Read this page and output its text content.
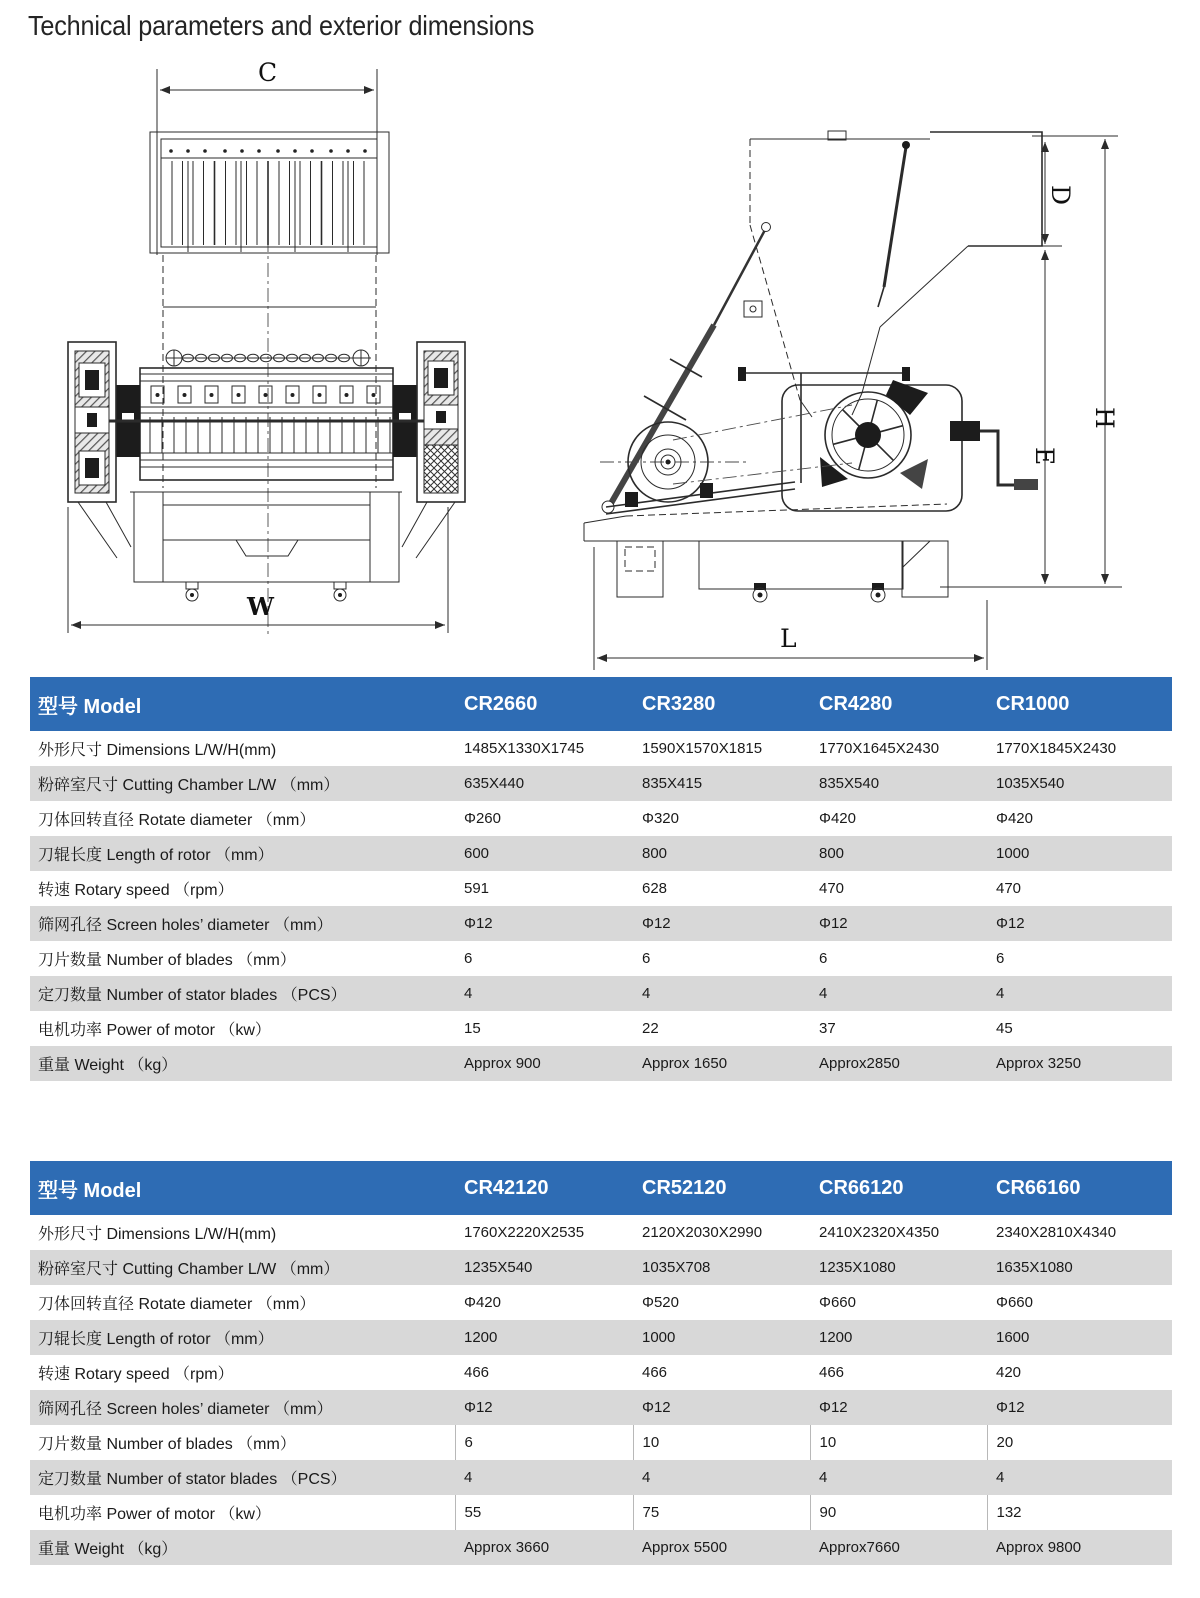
Technical parameters and exterior dimensions
C
W
L
D
E
H
型号 Model	CR2660	CR3280	CR4280	CR1000
外形尺寸 Dimensions L/W/H(mm)	1485X1330X1745	1590X1570X1815	1770X1645X2430	1770X1845X2430
粉碎室尺寸 Cutting Chamber L/W （mm）	635X440	835X415	835X540	1035X540
刀体回转直径 Rotate diameter （mm）	Φ260	Φ320	Φ420	Φ420
刀辊长度 Length of rotor （mm）	600	800	800	1000
转速 Rotary speed （rpm）	591	628	470	470
筛网孔径 Screen holes’ diameter （mm）	Φ12	Φ12	Φ12	Φ12
刀片数量 Number of blades （mm）	6	6	6	6
定刀数量 Number of stator blades （PCS）	4	4	4	4
电机功率 Power of motor （kw）	15	22	37	45
重量 Weight （kg）	Approx 900	Approx 1650	Approx2850	Approx 3250
型号 Model	CR42120	CR52120	CR66120	CR66160
外形尺寸 Dimensions L/W/H(mm)	1760X2220X2535	2120X2030X2990	2410X2320X4350	2340X2810X4340
粉碎室尺寸 Cutting Chamber L/W （mm）	1235X540	1035X708	1235X1080	1635X1080
刀体回转直径 Rotate diameter （mm）	Φ420	Φ520	Φ660	Φ660
刀辊长度 Length of rotor （mm）	1200	1000	1200	1600
转速 Rotary speed （rpm）	466	466	466	420
筛网孔径 Screen holes’ diameter （mm）	Φ12	Φ12	Φ12	Φ12
刀片数量 Number of blades （mm）	6	10	10	20
定刀数量 Number of stator blades （PCS）	4	4	4	4
电机功率 Power of motor （kw）	55	75	90	132
重量 Weight （kg）	Approx 3660	Approx 5500	Approx7660	Approx 9800
